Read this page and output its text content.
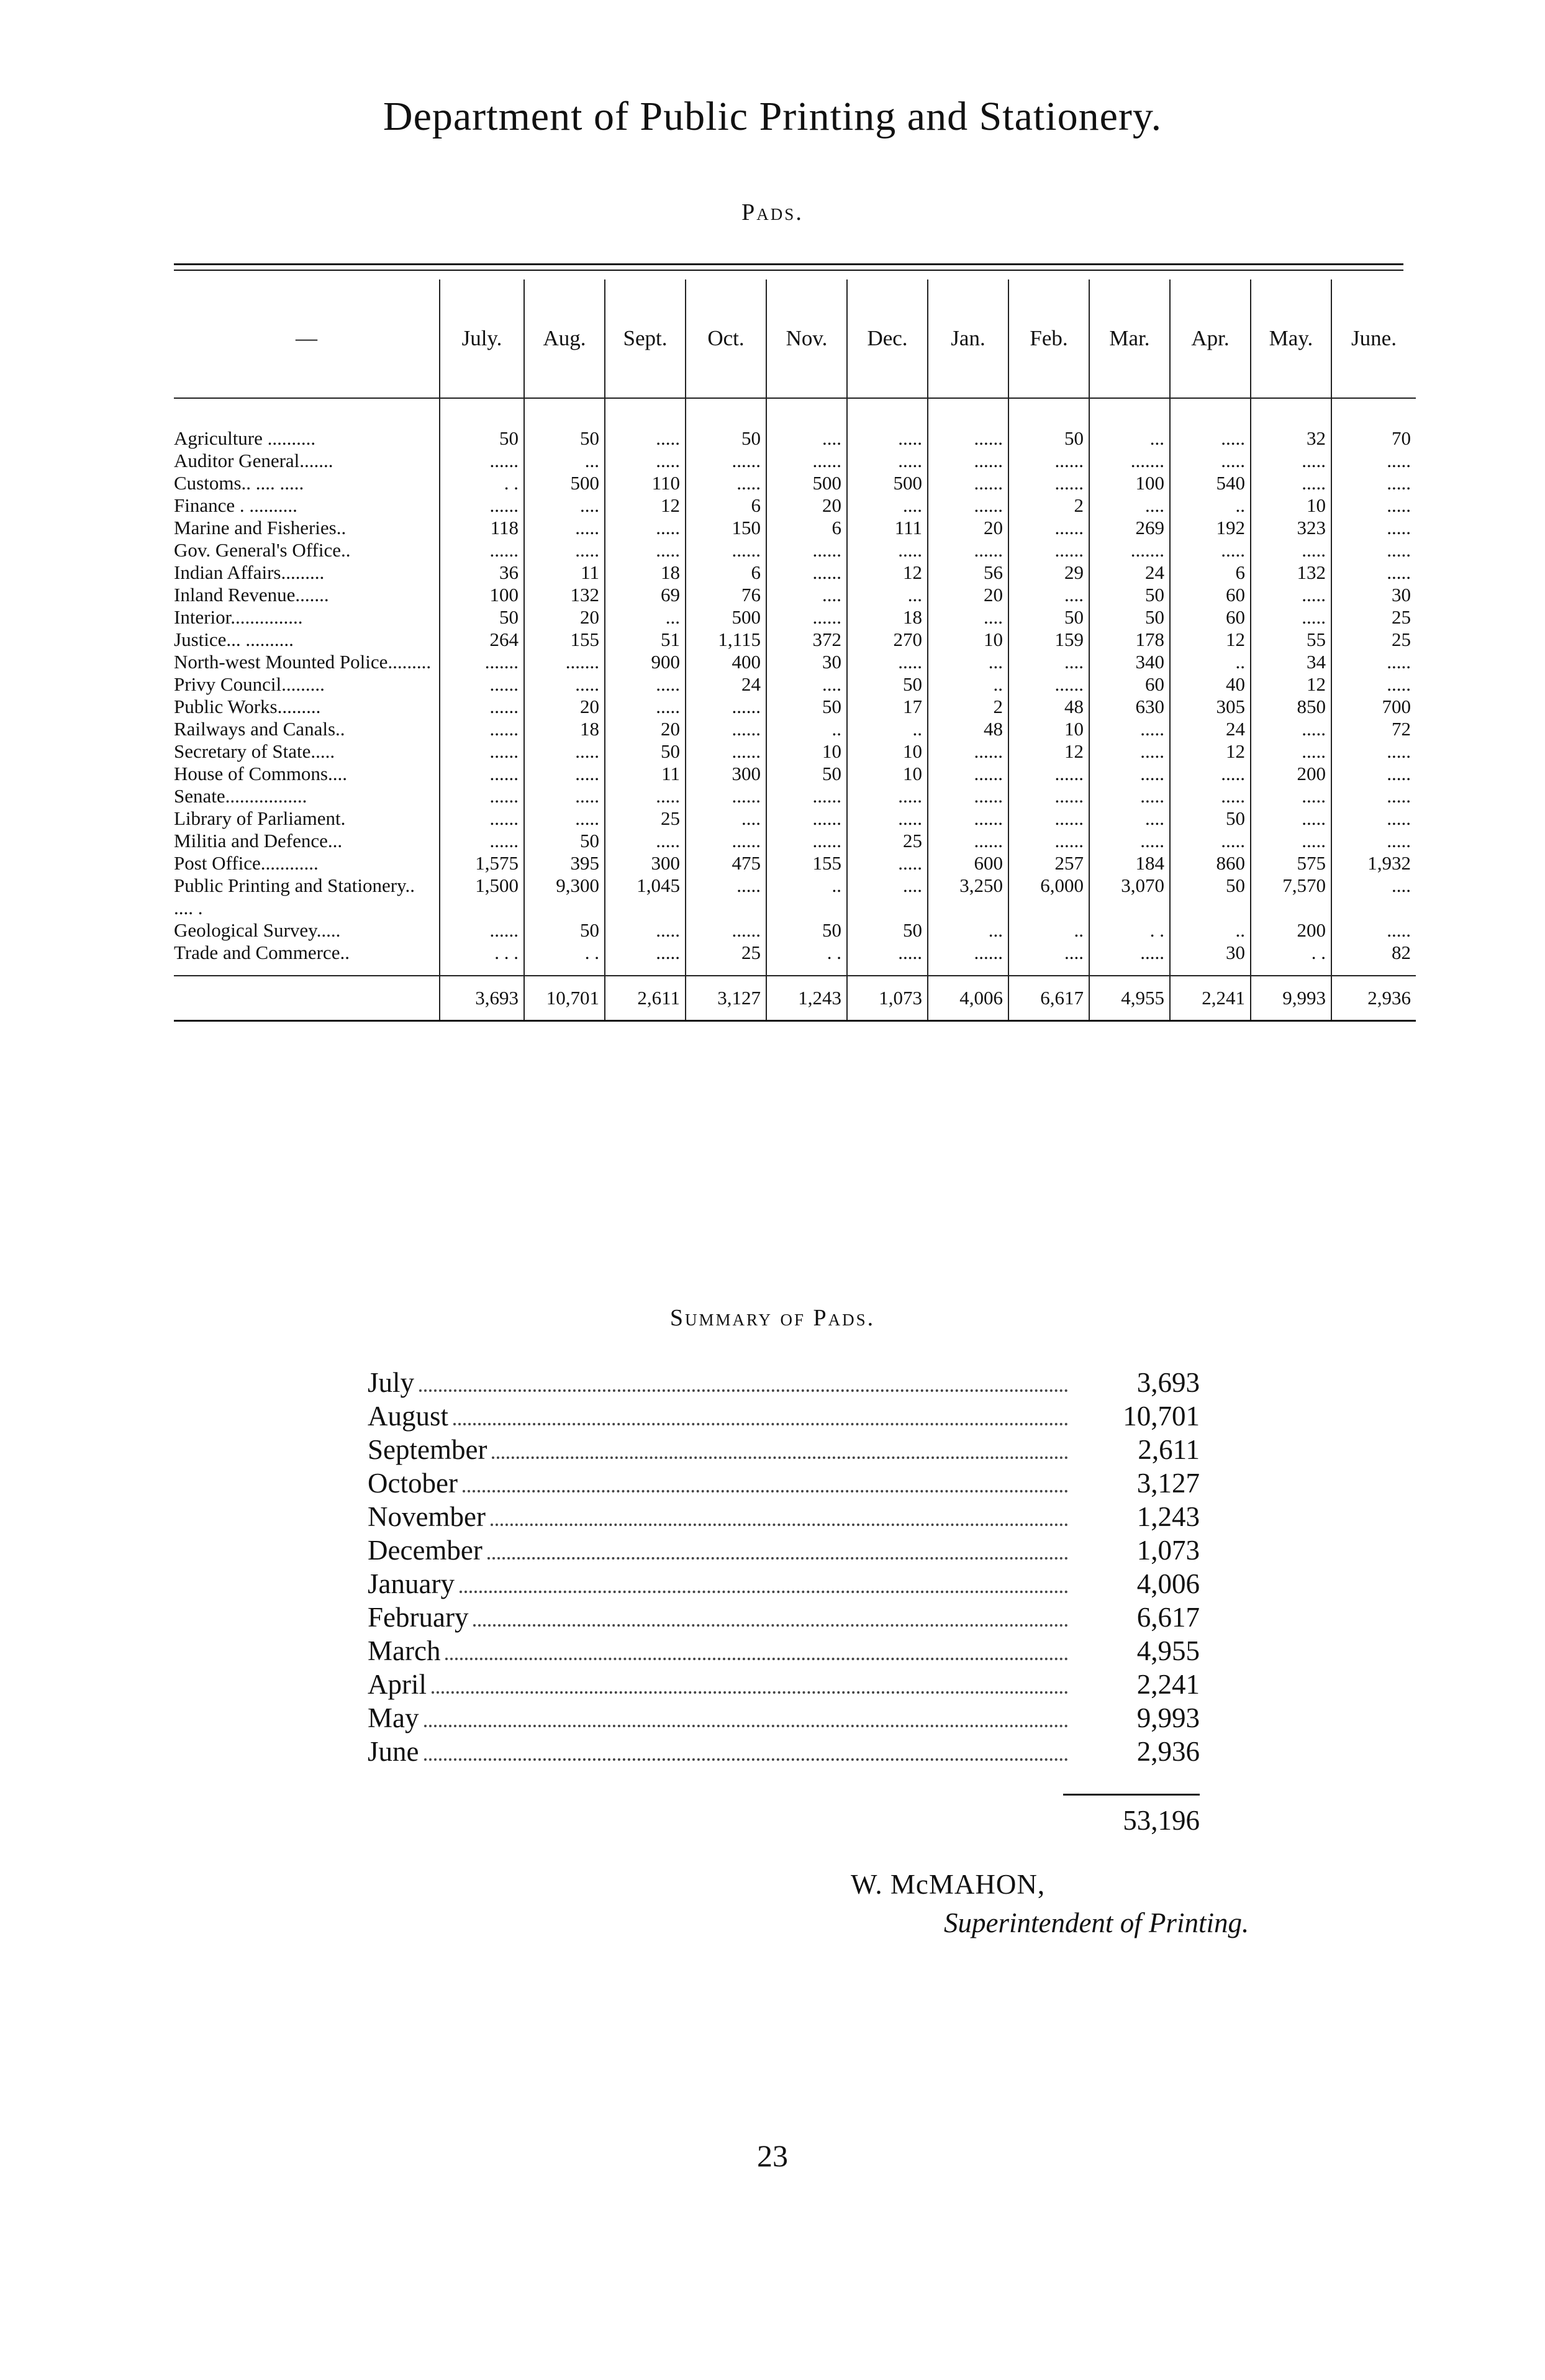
Department of Public Printing and Stationery.
Pads.
—	July.	Aug.	Sept.	Oct.	Nov.	Dec.	Jan.	Feb.	Mar.	Apr.	May.	June.
Agriculture ..........	50	50	.....	50	....	.....	......	50	...	.....	32	70
Auditor General.......	......	...	.....	......	......	.....	......	......	.......	.....	.....	.....
Customs.. .... .....	. .	500	110	.....	500	500	......	......	100	540	.....	.....
Finance . ..........	......	....	12	6	20	....	......	2	....	..	10	.....
Marine and Fisheries..	118	.....	.....	150	6	111	20	......	269	192	323	.....
Gov. General's Office..	......	.....	.....	......	......	.....	......	......	.......	.....	.....	.....
Indian Affairs.........	36	11	18	6	......	12	56	29	24	6	132	.....
Inland Revenue.......	100	132	69	76	....	...	20	....	50	60	.....	30
Interior...............	50	20	...	500	......	18	....	50	50	60	.....	25
Justice... ..........	264	155	51	1,115	372	270	10	159	178	12	55	25
North-west Mounted Police.........	.......	.......	900	400	30	.....	...	....	340	..	34	.....
Privy Council.........	......	.....	.....	24	....	50	..	......	60	40	12	.....
Public Works.........	......	20	.....	......	50	17	2	48	630	305	850	700
Railways and Canals..	......	18	20	......	..	..	48	10	.....	24	.....	72
Secretary of State.....	......	.....	50	......	10	10	......	12	.....	12	.....	.....
House of Commons....	......	.....	11	300	50	10	......	......	.....	.....	200	.....
Senate.................	......	.....	.....	......	......	.....	......	......	.....	.....	.....	.....
Library of Parliament.	......	.....	25	....	......	.....	......	......	....	50	.....	.....
Militia and Defence...	......	50	.....	......	......	25	......	......	.....	.....	.....	.....
Post Office............	1,575	395	300	475	155	.....	600	257	184	860	575	1,932
Public Printing and Stationery.. .... .	1,500	9,300	1,045	.....	..	....	3,250	6,000	3,070	50	7,570	....
Geological Survey.....	......	50	.....	......	50	50	...	..	. .	..	200	.....
Trade and Commerce..	. . .	. .	.....	25	. .	.....	......	....	.....	30	. .	82
	3,693	10,701	2,611	3,127	1,243	1,073	4,006	6,617	4,955	2,241	9,993	2,936
Summary of Pads.
July	3,693
August	10,701
September	2,611
October	3,127
November	1,243
December	1,073
January	4,006
February	6,617
March	4,955
April	2,241
May	9,993
June	2,936
53,196
W. McMAHON,
Superintendent of Printing.
23
